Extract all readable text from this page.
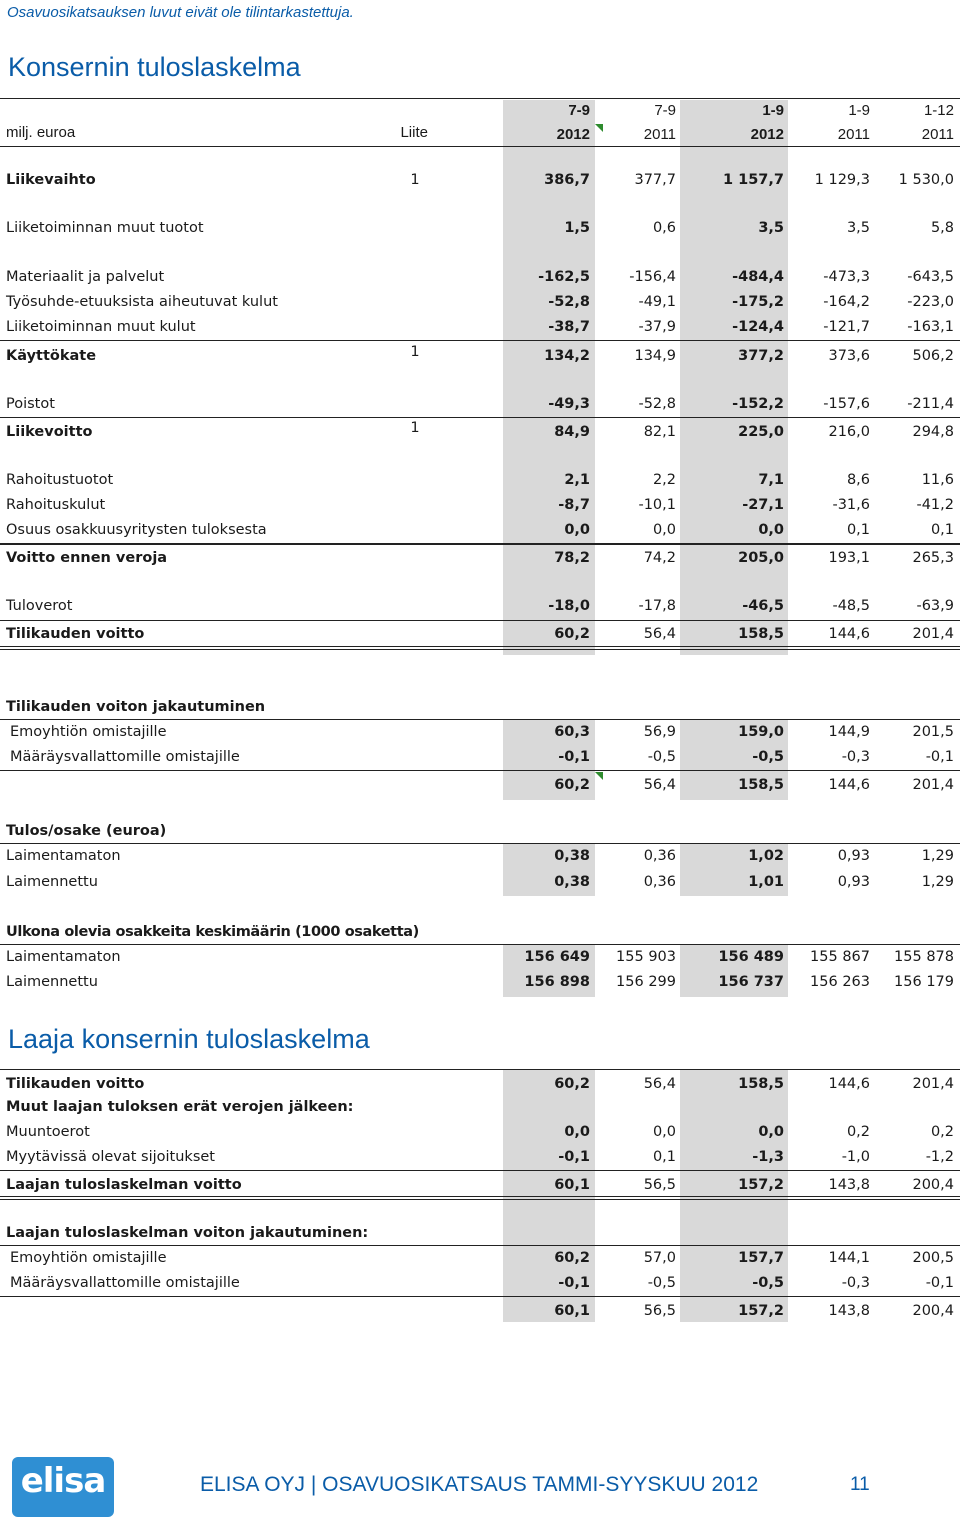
Osavuosikatsauksen luvut eivät ole tilintarkastettuja.
Konsernin tuloslaskelma
milj. euroa	Liite
7-9	7-9	1-9	1-9	1-12
2012	2011	2012	2011	2011
Liikevaihto	1	386,7	377,7	1 157,7	1 129,3	1 530,0
Liiketoiminnan muut tuotot	1,5	0,6	3,5	3,5	5,8
Materiaalit ja palvelut	-162,5	-156,4	-484,4	-473,3	-643,5
Työsuhde-etuuksista aiheutuvat kulut	-52,8	-49,1	-175,2	-164,2	-223,0
Liiketoiminnan muut kulut	-38,7	-37,9	-124,4	-121,7	-163,1
Käyttökate	1	134,2	134,9	377,2	373,6	506,2
Poistot	-49,3	-52,8	-152,2	-157,6	-211,4
Liikevoitto	1	84,9	82,1	225,0	216,0	294,8
Rahoitustuotot	2,1	2,2	7,1	8,6	11,6
Rahoituskulut	-8,7	-10,1	-27,1	-31,6	-41,2
Osuus osakkuusyritysten tuloksesta	0,0	0,0	0,0	0,1	0,1
Voitto ennen veroja	78,2	74,2	205,0	193,1	265,3
Tuloverot	-18,0	-17,8	-46,5	-48,5	-63,9
Tilikauden voitto	60,2	56,4	158,5	144,6	201,4
Tilikauden voiton jakautuminen
Emoyhtiön omistajille	60,3	56,9	159,0	144,9	201,5
Määräysvallattomille omistajille	-0,1	-0,5	-0,5	-0,3	-0,1
60,2	56,4	158,5	144,6	201,4
Tulos/osake (euroa)
Laimentamaton	0,38	0,36	1,02	0,93	1,29
Laimennettu	0,38	0,36	1,01	0,93	1,29
Ulkona olevia osakkeita keskimäärin (1000 osaketta)
Laimentamaton	156 649	155 903	156 489	155 867	155 878
Laimennettu	156 898	156 299	156 737	156 263	156 179
Laaja konsernin tuloslaskelma
Tilikauden voitto	60,2	56,4	158,5	144,6	201,4
Muut laajan tuloksen erät verojen jälkeen:
Muuntoerot	0,0	0,0	0,0	0,2	0,2
Myytävissä olevat sijoitukset	-0,1	0,1	-1,3	-1,0	-1,2
Laajan tuloslaskelman voitto	60,1	56,5	157,2	143,8	200,4
Laajan tuloslaskelman voiton jakautuminen:
Emoyhtiön omistajille	60,2	57,0	157,7	144,1	200,5
Määräysvallattomille omistajille	-0,1	-0,5	-0,5	-0,3	-0,1
60,1	56,5	157,2	143,8	200,4
elisa	ELISA OYJ | OSAVUOSIKATSAUS TAMMI-SYYSKUU 2012	11
